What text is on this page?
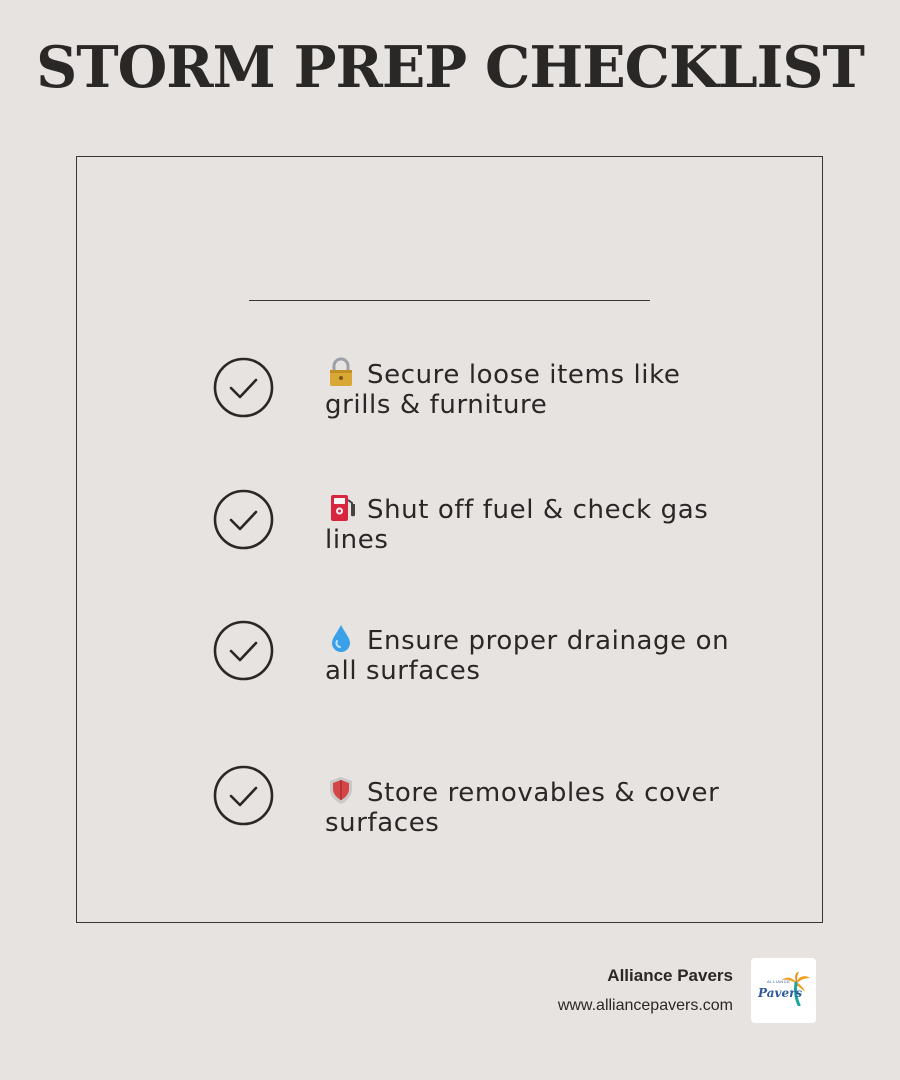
STORM PREP CHECKLIST
Secure loose items like grills & furniture
Shut off fuel & check gas lines
Ensure proper drainage on all surfaces
Store removables & cover surfaces
Alliance Pavers
www.alliancepavers.com
ALLIANCE
Pavers
